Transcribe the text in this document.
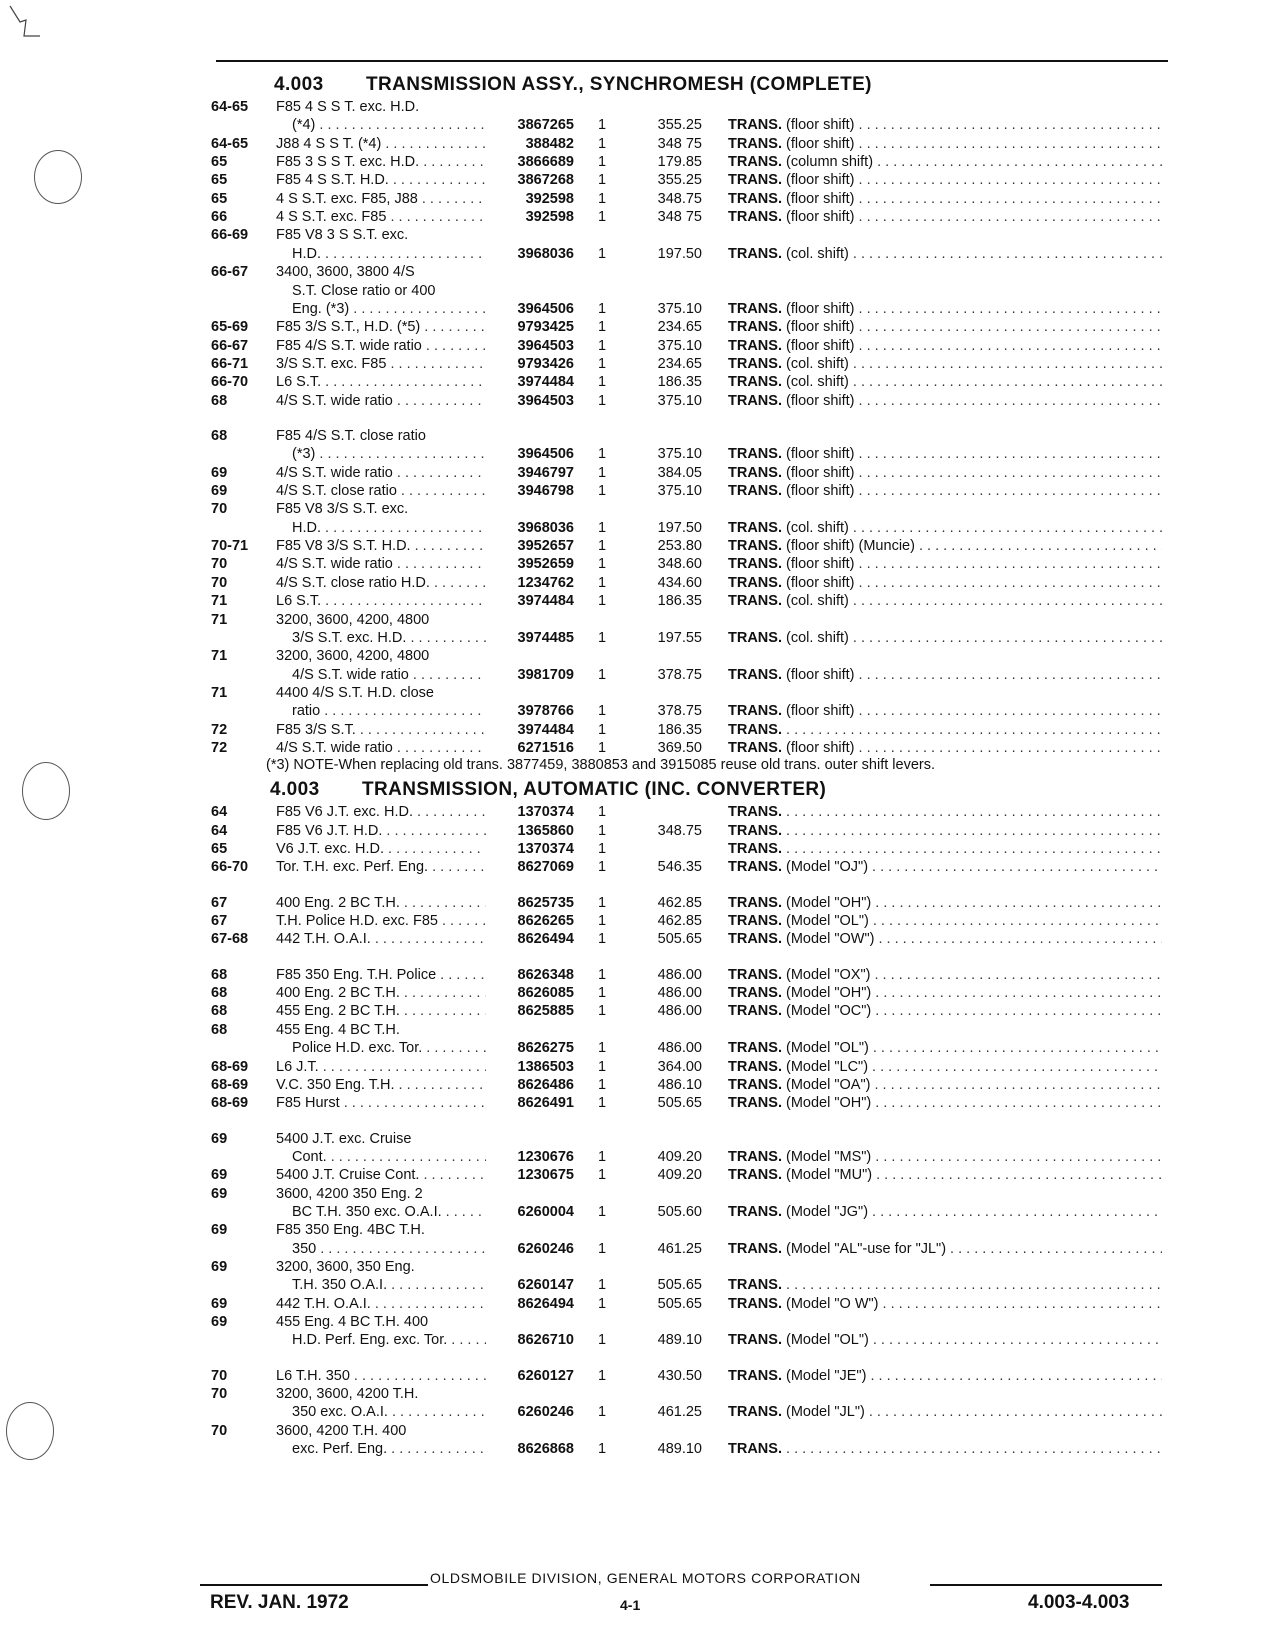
4.003 TRANSMISSION ASSY., SYNCHROMESH (COMPLETE)
64-65 F85 4 S S T. exc. H.D.
(*4) . . .	3867265 1	355.25 TRANS. (floor shift) . . .
64-65 J88 4 S S T. (*4) . . .	388482 1	348 75 TRANS. (floor shift) . . .
65	F85 3 S S T. exc. H.D. . . .	3866689 1	179.85 TRANS. (column shift) . . .
65	F85 4 S S.T. H.D. . . .	3867268 1	355.25 TRANS. (floor shift) . . .
65	4 S S.T. exc. F85, J88 . . .	392598 1	348.75 TRANS. (floor shift) . . .
66	4 S S.T. exc. F85 . . .	392598 1	348 75 TRANS. (floor shift) . . .
66-69 F85 V8 3 S S.T. exc.
H.D. . . .	3968036 1	197.50 TRANS. (col. shift) . . .
66-67 3400, 3600, 3800 4/S
S.T. Close ratio or 400
Eng. (*3) . . .	3964506 1	375.10 TRANS. (floor shift) . . .
65-69 F85 3/S S.T., H.D. (*5) . . .	9793425 1	234.65 TRANS. (floor shift) . . .
66-67 F85 4/S S.T. wide ratio . . .	3964503 1	375.10 TRANS. (floor shift) . . .
66-71 3/S S.T. exc. F85 . . .	9793426 1	234.65 TRANS. (col. shift) . . .
66-70 L6 S.T. . . .	3974484 1	186.35 TRANS. (col. shift) . . .
68	4/S S.T. wide ratio . . .	3964503 1	375.10 TRANS. (floor shift) . . .
68	F85 4/S S.T. close ratio
(*3) . . .	3964506 1	375.10 TRANS. (floor shift) . . .
69	4/S S.T. wide ratio . . .	3946797 1	384.05 TRANS. (floor shift) . . .
69	4/S S.T. close ratio . . .	3946798 1	375.10 TRANS. (floor shift) . . .
70	F85 V8 3/S S.T. exc.
H.D. . . .	3968036 1	197.50 TRANS. (col. shift) . . .
70-71 F85 V8 3/S S.T. H.D. . . .	3952657 1	253.80 TRANS. (floor shift) (Muncie) . . .
70	4/S S.T. wide ratio . . .	3952659 1	348.60 TRANS. (floor shift) . . .
70	4/S S.T. close ratio H.D. . . .	1234762 1	434.60 TRANS. (floor shift) . . .
71	L6 S.T. . . .	3974484 1	186.35 TRANS. (col. shift) . . .
71	3200, 3600, 4200, 4800
3/S S.T. exc. H.D. . . .	3974485 1	197.55 TRANS. (col. shift) . . .
71	3200, 3600, 4200, 4800
4/S S.T. wide ratio . . .	3981709 1	378.75 TRANS. (floor shift) . . .
71	4400 4/S S.T. H.D. close
ratio . . .	3978766 1	378.75 TRANS. (floor shift) . . .
72	F85 3/S S.T. . . .	3974484 1	186.35 TRANS. . . .
72	4/S S.T. wide ratio . . .	6271516 1	369.50 TRANS. (floor shift) . . .
(*3) NOTE-When replacing old trans. 3877459, 3880853 and 3915085 reuse old trans. outer shift levers.
4.003 TRANSMISSION, AUTOMATIC (INC. CONVERTER)
64	F85 V6 J.T. exc. H.D. . . .	1370374 1	TRANS. . . .
64	F85 V6 J.T. H.D. . . .	1365860 1	348.75 TRANS. . . .
65	V6 J.T. exc. H.D. . . .	1370374 1	TRANS. . . .
66-70 Tor. T.H. exc. Perf. Eng. . . .	8627069 1	546.35 TRANS. (Model "OJ") . . .
67	400 Eng. 2 BC T.H. . . .	8625735 1	462.85 TRANS. (Model "OH") . . .
67	T.H. Police H.D. exc. F85 . . .	8626265 1	462.85 TRANS. (Model "OL") . . .
67-68 442 T.H. O.A.I. . . .	8626494 1	505.65 TRANS. (Model "OW") . . .
68	F85 350 Eng. T.H. Police . . .	8626348 1	486.00 TRANS. (Model "OX") . . .
68	400 Eng. 2 BC T.H. . . .	8626085 1	486.00 TRANS. (Model "OH") . . .
68	455 Eng. 2 BC T.H. . . .	8625885 1	486.00 TRANS. (Model "OC") . . .
68	455 Eng. 4 BC T.H.
Police H.D. exc. Tor. . . .	8626275 1	486.00 TRANS. (Model "OL") . . .
68-69 L6 J.T. . . .	1386503 1	364.00 TRANS. (Model "LC") . . .
68-69 V.C. 350 Eng. T.H. . . .	8626486 1	486.10 TRANS. (Model "OA") . . .
68-69 F85 Hurst . . .	8626491 1	505.65 TRANS. (Model "OH") . . .
69	5400 J.T. exc. Cruise
Cont. . . .	1230676 1	409.20 TRANS. (Model "MS") . . .
69	5400 J.T. Cruise Cont. . . .	1230675 1	409.20 TRANS. (Model "MU") . . .
69	3600, 4200 350 Eng. 2
BC T.H. 350 exc. O.A.I. . . .	6260004 1	505.60 TRANS. (Model "JG") . . .
69	F85 350 Eng. 4BC T.H.
350 . . .	6260246 1	461.25 TRANS. (Model "AL"-use for "JL") . . .
69	3200, 3600, 350 Eng.
T.H. 350 O.A.I. . . .	6260147 1	505.65 TRANS. . . .
69	442 T.H. O.A.I. . . .	8626494 1	505.65 TRANS. (Model "O W") . . .
69	455 Eng. 4 BC T.H. 400
H.D. Perf. Eng. exc. Tor. . . .	8626710 1	489.10 TRANS. (Model "OL") . . .
70	L6 T.H. 350 . . .	6260127 1	430.50 TRANS. (Model "JE") . . .
70	3200, 3600, 4200 T.H.
350 exc. O.A.I. . . .	6260246 1	461.25 TRANS. (Model "JL") . . .
70	3600, 4200 T.H. 400
exc. Perf. Eng. . . .	8626868 1	489.10 TRANS. . . .
OLDSMOBILE DIVISION, GENERAL MOTORS CORPORATION
REV. JAN. 1972	4-1	4.003-4.003
